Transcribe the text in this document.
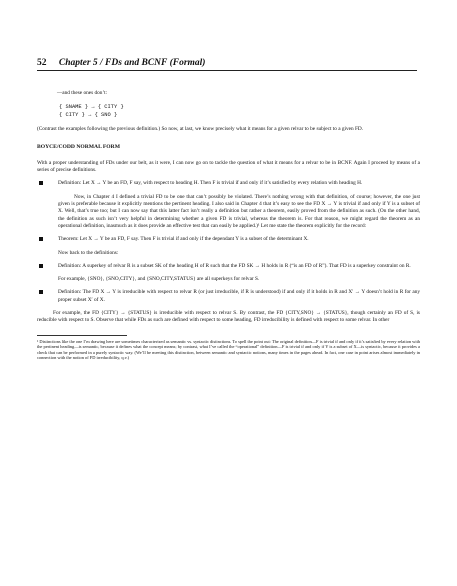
52 Chapter 5 / FDs and BCNF (Formal)

—and these ones don’t:

{ SNAME } → { CITY }
{ CITY } → { SNO }

(Contrast the examples following the previous definition.) So now, at last, we know precisely what it means for a given relvar to be subject to a given FD.

BOYCE/CODD NORMAL FORM

With a proper understanding of FDs under our belt, as it were, I can now go on to tackle the question of what it means for a relvar to be in BCNF. Again I proceed by means of a series of precise definitions.

Definition: Let X → Y be an FD, F say, with respect to heading H. Then F is trivial if and only if it’s satisfied by every relation with heading H.

Now, in Chapter 4 I defined a trivial FD to be one that can’t possibly be violated. There’s nothing wrong with that definition, of course; however, the one just given is preferable because it explicitly mentions the pertinent heading. I also said in Chapter 4 that it’s easy to see the FD X → Y is trivial if and only if Y is a subset of X. Well, that’s true too; but I can now say that this latter fact isn’t really a definition but rather a theorem, easily proved from the definition as such. (On the other hand, the definition as such isn’t very helpful in determining whether a given FD is trivial, whereas the theorem is. For that reason, we might regard the theorem as an operational definition, inasmuch as it does provide an effective test that can easily be applied.)¹ Let me state the theorem explicitly for the record:

Theorem: Let X → Y be an FD, F say. Then F is trivial if and only if the dependant Y is a subset of the determinant X.

Now back to the definitions:

Definition: A superkey of relvar R is a subset SK of the heading H of R such that the FD SK → H holds in R (“is an FD of R”). That FD is a superkey constraint on R.

For example, {SNO}, {SNO,CITY}, and {SNO,CITY,STATUS} are all superkeys for relvar S.

Definition: The FD X → Y is irreducible with respect to relvar R (or just irreducible, if R is understood) if and only if it holds in R and X′ → Y doesn’t hold in R for any proper subset X′ of X.

For example, the FD {CITY} → {STATUS} is irreducible with respect to relvar S. By contrast, the FD {CITY,SNO} → {STATUS}, though certainly an FD of S, is reducible with respect to S. Observe that while FDs as such are defined with respect to some heading, FD irreducibility is defined with respect to some relvar. In other

¹ Distinctions like the one I’m drawing here are sometimes characterized as semantic vs. syntactic distinctions. To spell the point out: The original definition—F is trivial if and only if it’s satisfied by every relation with the pertinent heading—is semantic, because it defines what the concept means; by contrast, what I’ve called the “operational” definition—F is trivial if and only if Y is a subset of X—is syntactic, because it provides a check that can be performed in a purely syntactic way. (We’ll be meeting this distinction, between semantic and syntactic notions, many times in the pages ahead. In fact, one case in point arises almost immediately in connection with the notion of FD irreducibility, q.v.)
